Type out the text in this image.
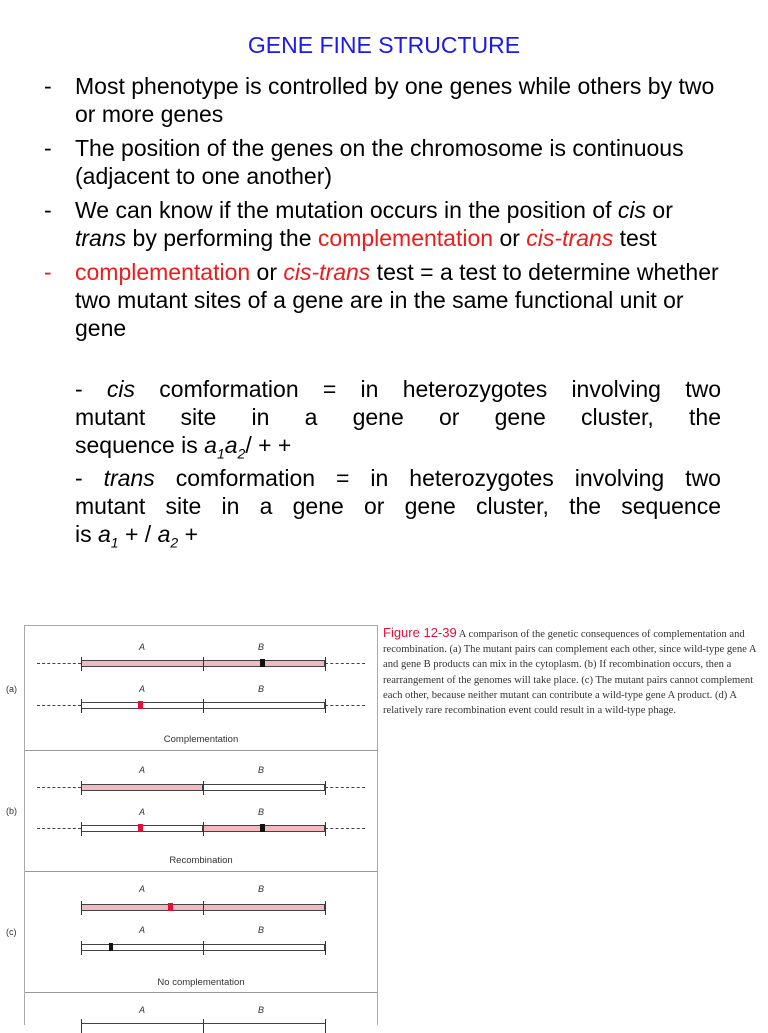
GENE FINE STRUCTURE
- Most phenotype is controlled by one genes while others by two or more genes
- The position of the genes on the chromosome is continuous (adjacent to one another)
- We can know if the mutation occurs in the position of cis or trans by performing the complementation or cis-trans test
- complementation or cis-trans test = a test to determine whether two mutant sites of a gene are in the same functional unit or gene
- cis comformation = in heterozygotes involving two
mutant site in a gene or gene cluster, the
sequence is $a_1a_2/$ + +
- trans comformation = in heterozygotes involving two
mutant site in a gene or gene cluster, the sequence
is $a_1$ + / $a_2$ +
A	B
A	B
Complementation
A	B
A	B
Recombination
A	B
A	B
No complementation
A	B
(a)
(b)
(c)
Figure 12-39 A comparison of the genetic consequences of complementation and recombination. (a) The mutant pairs can complement each other, since wild-type gene A and gene B products can mix in the cytoplasm. (b) If recombination occurs, then a rearrangement of the genomes will take place. (c) The mutant pairs cannot complement each other, because neither mutant can contribute a wild-type gene A product. (d) A relatively rare recombination event could result in a wild-type phage.
